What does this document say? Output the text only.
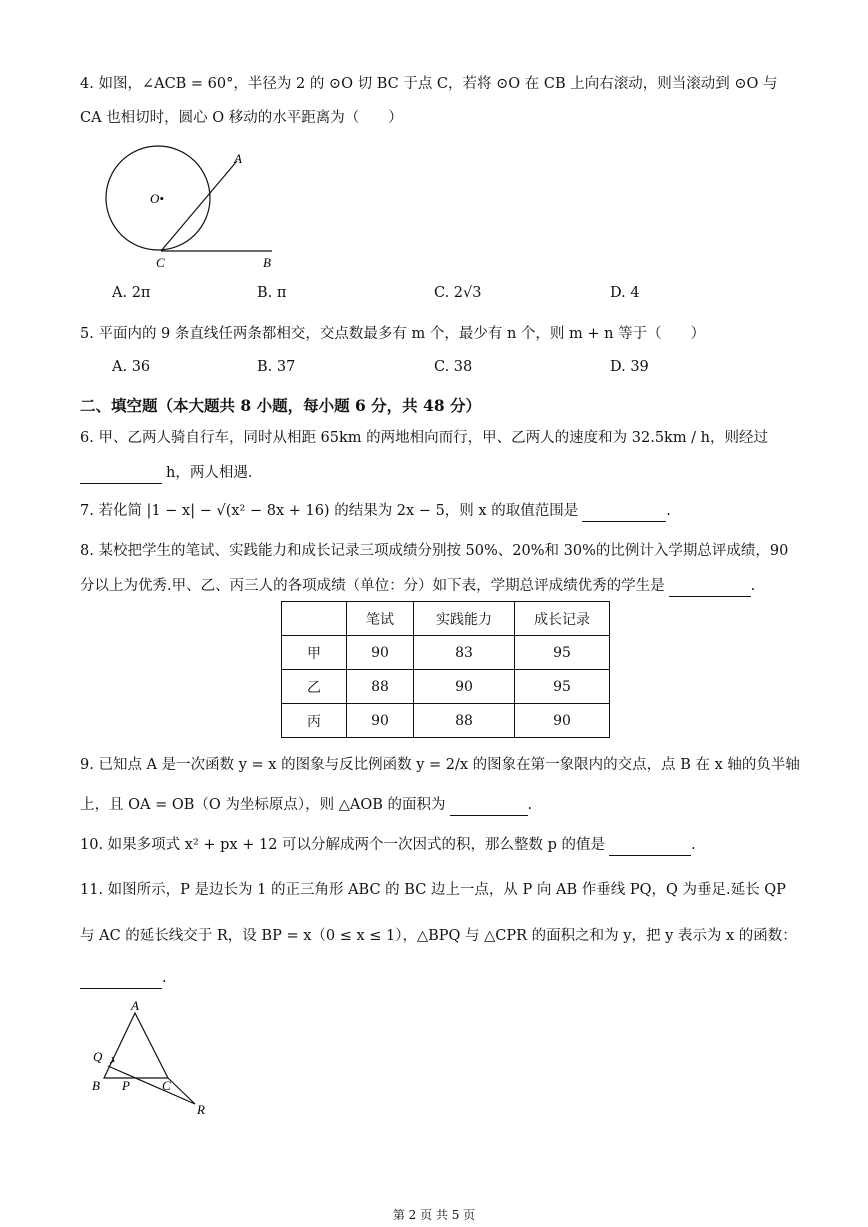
4. 如图，∠ACB = 60°，半径为 2 的 ⊙O 切 BC 于点 C，若将 ⊙O 在 CB 上向右滚动，则当滚动到 ⊙O 与
CA 也相切时，圆心 O 移动的水平距离为（　　）
A
O•
C	B
A. 2π	B. π	C. 2√3	D. 4
5. 平面内的 9 条直线任两条都相交，交点数最多有 m 个，最少有 n 个，则 m + n 等于（　　）
A. 36	B. 37	C. 38	D. 39
二、填空题（本大题共 8 小题，每小题 6 分，共 48 分）
6. 甲、乙两人骑自行车，同时从相距 65km 的两地相向而行，甲、乙两人的速度和为 32.5km / h，则经过
h，两人相遇.
7. 若化简 |1 − x| − √(x² − 8x + 16) 的结果为 2x − 5，则 x 的取值范围是	.
8. 某校把学生的笔试、实践能力和成长记录三项成绩分别按 50%、20%和 30%的比例计入学期总评成绩，90
分以上为优秀.甲、乙、丙三人的各项成绩（单位：分）如下表，学期总评成绩优秀的学生是	.
	笔试	实践能力	成长记录
甲	90	83	95
乙	88	90	95
丙	90	88	90
9. 已知点 A 是一次函数 y = x 的图象与反比例函数 y = 2/x 的图象在第一象限内的交点，点 B 在 x 轴的负半轴
上，且 OA = OB（O 为坐标原点），则 △AOB 的面积为	.
10. 如果多项式 x² + px + 12 可以分解成两个一次因式的积，那么整数 p 的值是	.
11. 如图所示，P 是边长为 1 的正三角形 ABC 的 BC 边上一点，从 P 向 AB 作垂线 PQ，Q 为垂足.延长 QP
与 AC 的延长线交于 R，设 BP = x（0 ≤ x ≤ 1），△BPQ 与 △CPR 的面积之和为 y，把 y 表示为 x 的函数：
.
A
Q
B P C
R
第 2 页 共 5 页
